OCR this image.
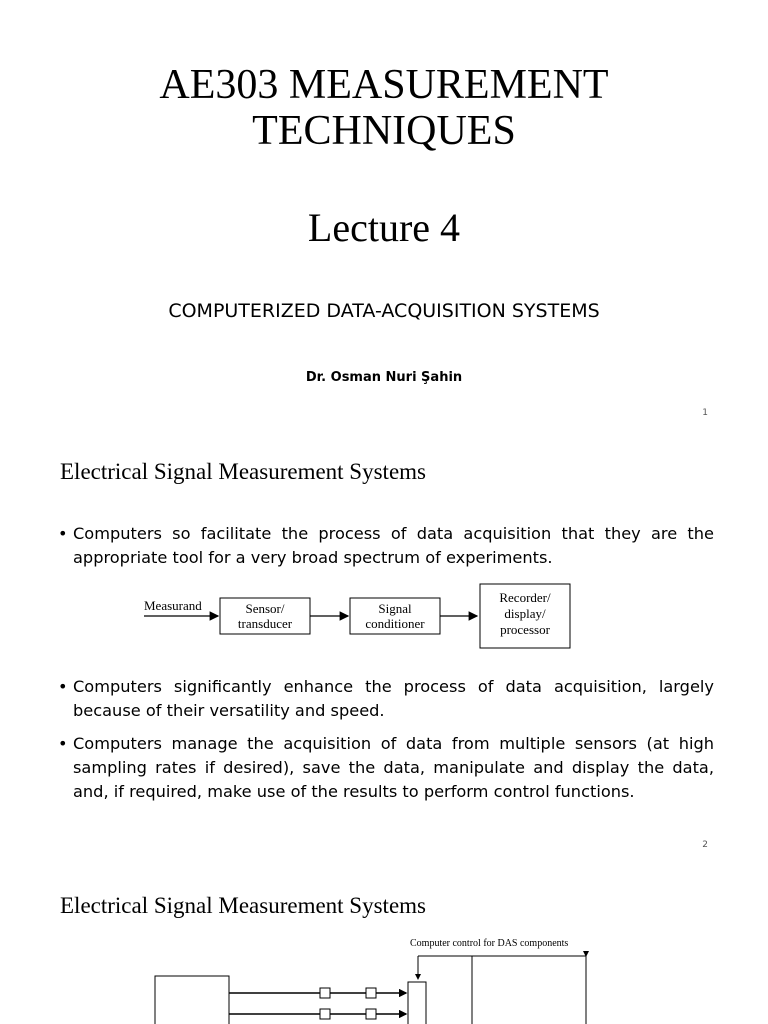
AE303 MEASUREMENT
TECHNIQUES
Lecture 4
COMPUTERIZED DATA-ACQUISITION SYSTEMS
Dr. Osman Nuri Şahin
1
Electrical Signal Measurement Systems
• Computers so facilitate the process of data acquisition that they are the appropriate tool for a very broad spectrum of experiments.
Measurand	Sensor/
transducer
Signal
conditioner
Recorder/
display/
processor
• Computers significantly enhance the process of data acquisition, largely because of their versatility and speed.
• Computers manage the acquisition of data from multiple sensors (at high sampling rates if desired), save the data, manipulate and display the data, and, if required, make use of the results to perform control functions.
2
Electrical Signal Measurement Systems
Computer control for DAS components
